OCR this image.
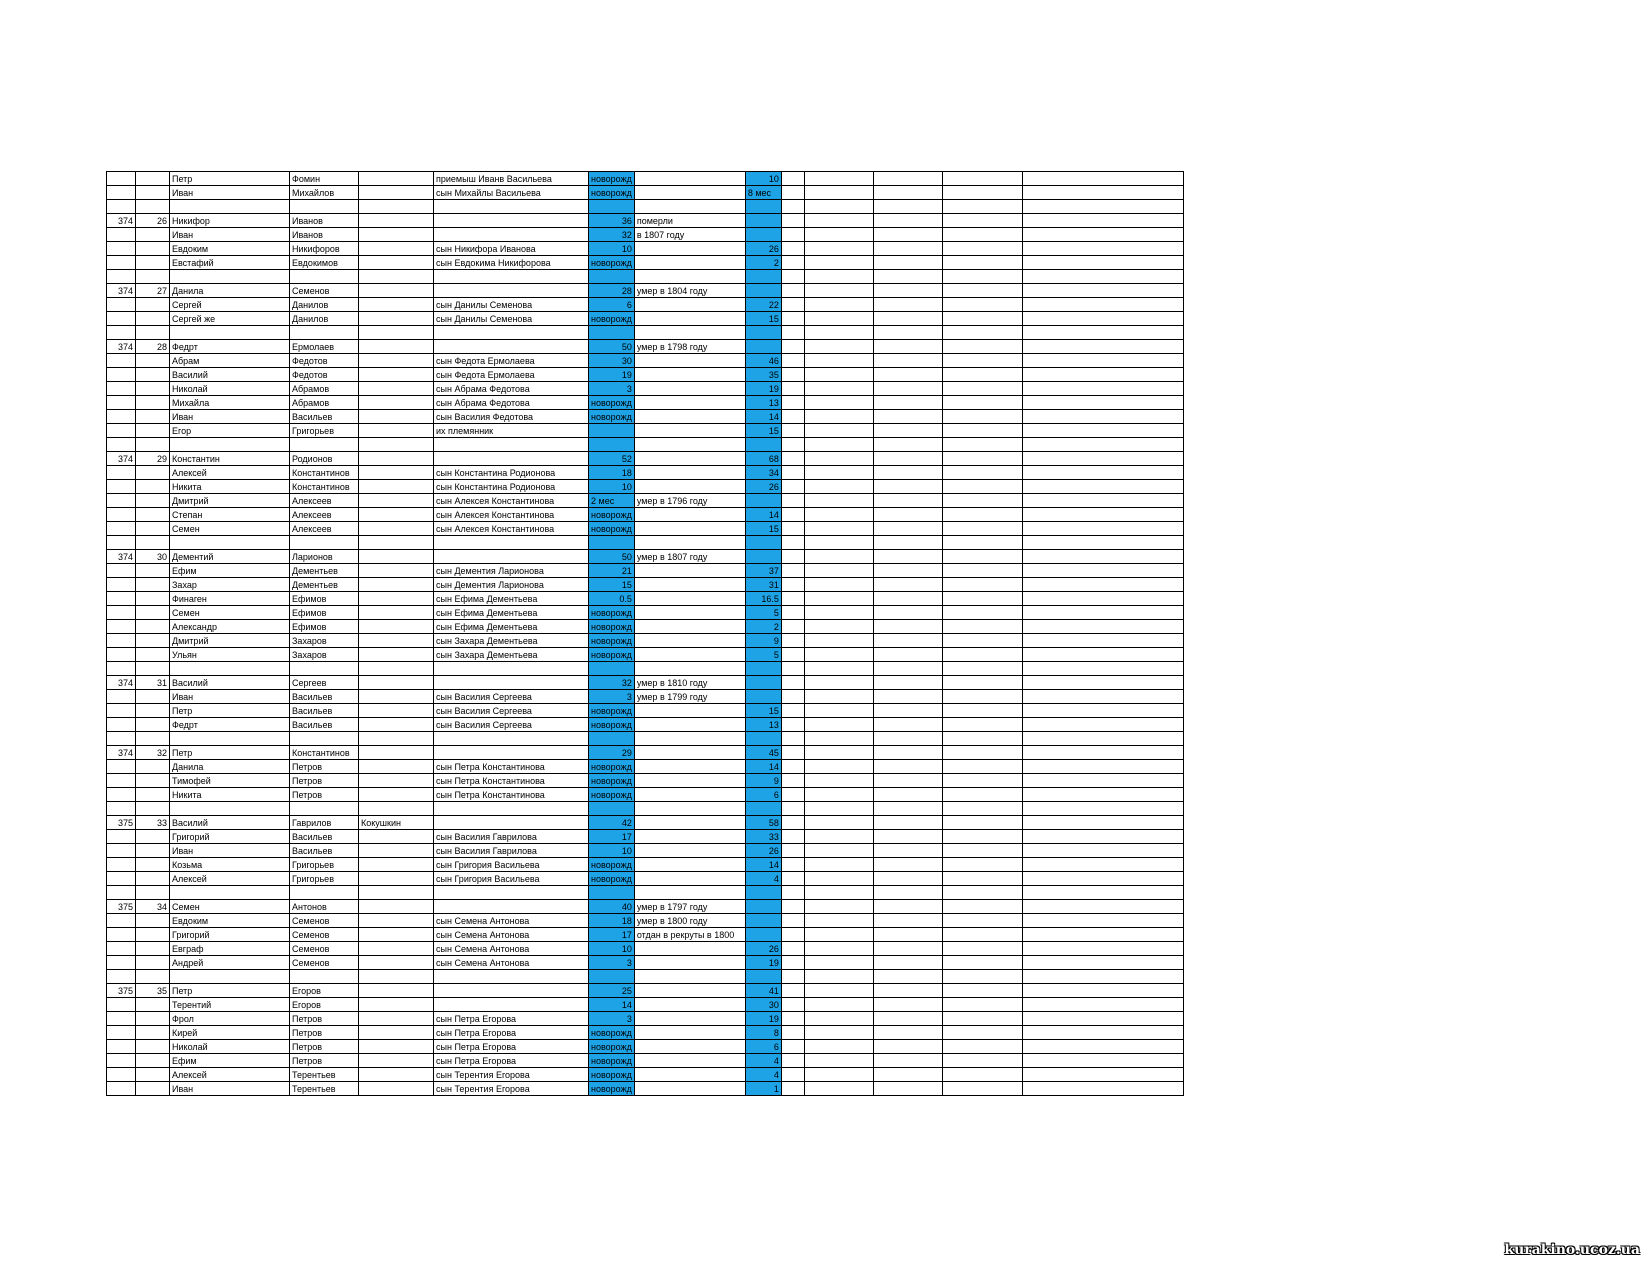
		Петр	Фомин		приемыш Иванв Васильева	новорожд		10					
		Иван	Михайлов		сын Михайлы Васильева	новорожд		8 мес					

374	26	Никифор	Иванов			36	померли						
		Иван	Иванов			32	в 1807 году						
		Евдоким	Никифоров		сын Никифора Иванова	10		26					
		Евстафий	Евдокимов		сын Евдокима Никифорова	новорожд		2					

374	27	Данила	Семенов			28	умер в 1804 году						
		Сергей	Данилов		сын Данилы Семенова	6		22					
		Сергей же	Данилов		сын Данилы Семенова	новорожд		15					

374	28	Федрт	Ермолаев			50	умер в 1798 году						
		Абрам	Федотов		сын Федота Ермолаева	30		46					
		Василий	Федотов		сын Федота Ермолаева	19		35					
		Николай	Абрамов		сын Абрама Федотова	3		19					
		Михайла	Абрамов		сын Абрама Федотова	новорожд		13					
		Иван	Васильев		сын Василия Федотова	новорожд		14					
		Егор	Григорьев		их племянник			15					

374	29	Константин	Родионов			52		68					
		Алексей	Константинов		сын Константина Родионова	18		34					
		Никита	Константинов		сын Константина Родионова	10		26					
		Дмитрий	Алексеев		сын Алексея Константинова	2 мес	умер в 1796 году						
		Степан	Алексеев		сын Алексея Константинова	новорожд		14					
		Семен	Алексеев		сын Алексея Константинова	новорожд		15					

374	30	Дементий	Ларионов			50	умер в 1807 году						
		Ефим	Дементьев		сын Дементия Ларионова	21		37					
		Захар	Дементьев		сын Дементия Ларионова	15		31					
		Финаген	Ефимов		сын Ефима Дементьева	0.5		16.5					
		Семен	Ефимов		сын Ефима Дементьева	новорожд		5					
		Александр	Ефимов		сын Ефима Дементьева	новорожд		2					
		Дмитрий	Захаров		сын Захара Дементьева	новорожд		9					
		Ульян	Захаров		сын Захара Дементьева	новорожд		5					

374	31	Василий	Сергеев			32	умер в 1810 году						
		Иван	Васильев		сын Василия Сергеева	3	умер в 1799 году						
		Петр	Васильев		сын Василия Сергеева	новорожд		15					
		Федрт	Васильев		сын Василия Сергеева	новорожд		13					

374	32	Петр	Константинов			29		45					
		Данила	Петров		сын Петра Константинова	новорожд		14					
		Тимофей	Петров		сын Петра Константинова	новорожд		9					
		Никита	Петров		сын Петра Константинова	новорожд		6					

375	33	Василий	Гаврилов	Кокушкин		42		58					
		Григорий	Васильев		сын Василия Гаврилова	17		33					
		Иван	Васильев		сын Василия Гаврилова	10		26					
		Козьма	Григорьев		сын Григория Васильева	новорожд		14					
		Алексей	Григорьев		сын Григория Васильева	новорожд		4					

375	34	Семен	Антонов			40	умер в 1797 году						
		Евдоким	Семенов		сын Семена Антонова	18	умер в 1800 году						
		Григорий	Семенов		сын Семена Антонова	17	отдан в рекруты в 1800						
		Евграф	Семенов		сын Семена Антонова	10		26					
		Андрей	Семенов		сын Семена Антонова	3		19					

375	35	Петр	Егоров			25		41					
		Терентий	Егоров			14		30					
		Фрол	Петров		сын Петра Егорова	3		19					
		Кирей	Петров		сын Петра Егорова	новорожд		8					
		Николай	Петров		сын Петра Егорова	новорожд		6					
		Ефим	Петров		сын Петра Егорова	новорожд		4					
		Алексей	Терентьев		сын Терентия Егорова	новорожд		4					
		Иван	Терентьев		сын Терентия Егорова	новорожд		1					
kurakino.ucoz.ua
